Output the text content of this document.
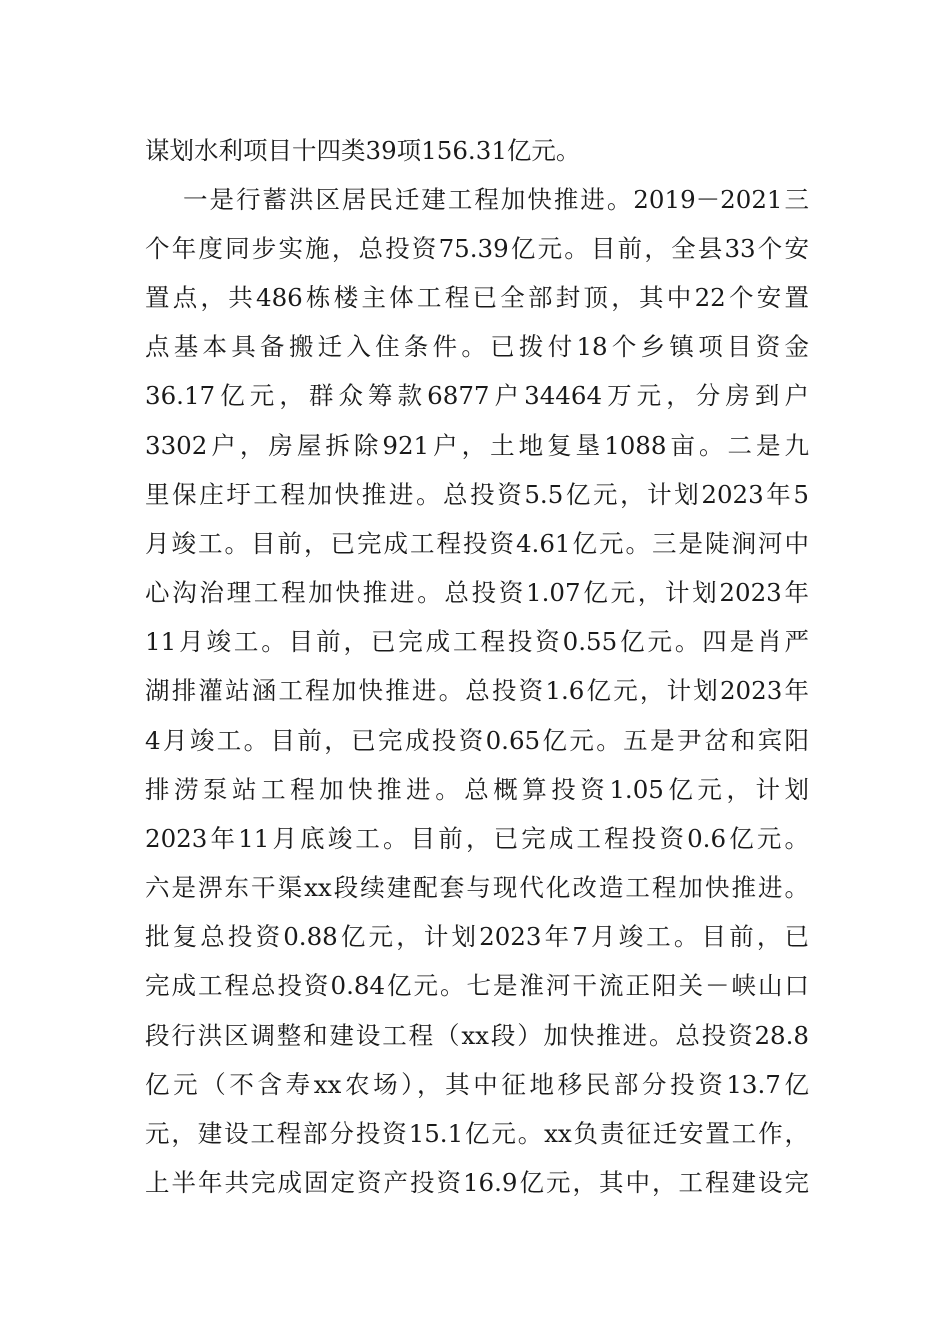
谋划水利项目十四类39项156.31亿元。
一是行蓄洪区居民迁建工程加快推进。2019－2021三
个年度同步实施，总投资75.39亿元。目前，全县33个安
置点，共486栋楼主体工程已全部封顶，其中22个安置
点基本具备搬迁入住条件。已拨付18个乡镇项目资金
36.17亿元，群众筹款6877户34464万元，分房到户
3302户，房屋拆除921户，土地复垦1088亩。二是九
里保庄圩工程加快推进。总投资5.5亿元，计划2023年5
月竣工。目前，已完成工程投资4.61亿元。三是陡涧河中
心沟治理工程加快推进。总投资1.07亿元，计划2023年
11月竣工。目前，已完成工程投资0.55亿元。四是肖严
湖排灌站涵工程加快推进。总投资1.6亿元，计划2023年
4月竣工。目前，已完成投资0.65亿元。五是尹岔和宾阳
排涝泵站工程加快推进。总概算投资1.05亿元，计划
2023年11月底竣工。目前，已完成工程投资0.6亿元。
六是淠东干渠xx段续建配套与现代化改造工程加快推进。
批复总投资0.88亿元，计划2023年7月竣工。目前，已
完成工程总投资0.84亿元。七是淮河干流正阳关－峡山口
段行洪区调整和建设工程（xx段）加快推进。总投资28.8
亿元（不含寿xx农场），其中征地移民部分投资13.7亿
元，建设工程部分投资15.1亿元。xx负责征迁安置工作，
上半年共完成固定资产投资16.9亿元，其中，工程建设完
